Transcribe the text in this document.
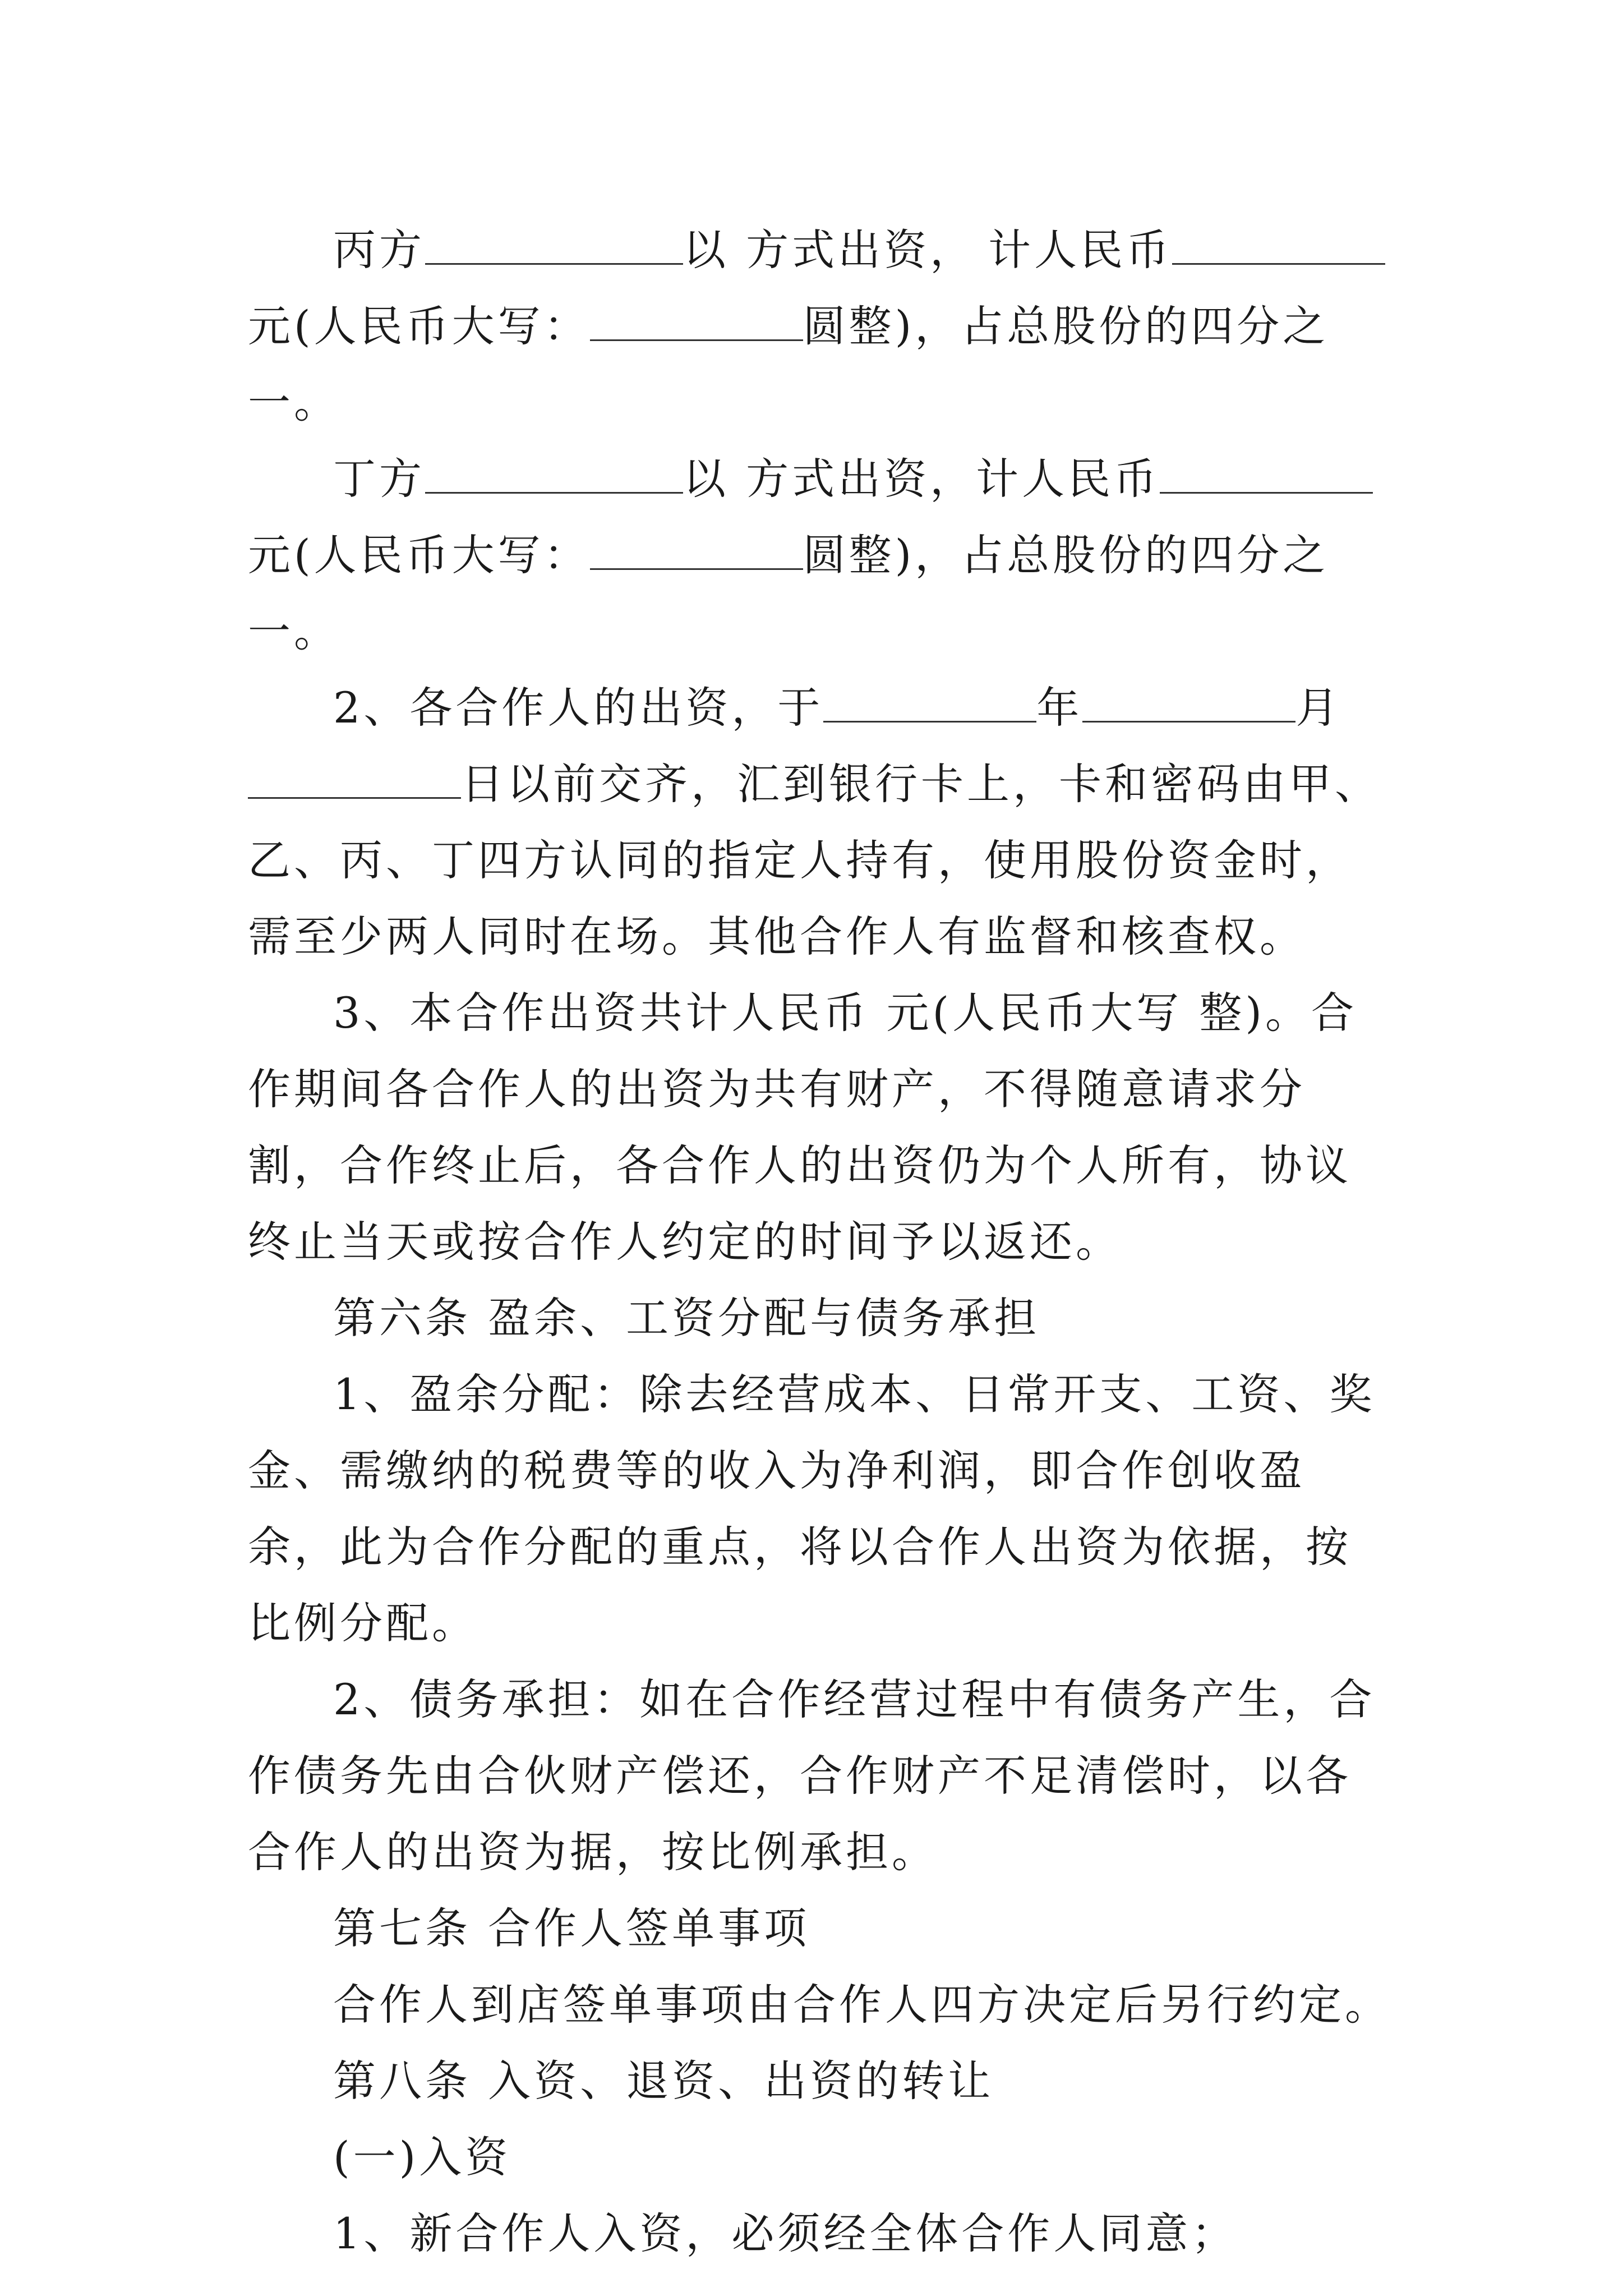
丙方	以 方式出资， 计人民币
元(人民币大写：	圆整)，占总股份的四分之一。

丁方	以 方式出资，计人民币
元(人民币大写：	圆整)，占总股份的四分之一。

2、各合作人的出资，于	年	月
日以前交齐，汇到银行卡上，卡和密码由甲、乙、丙、丁四方认同的指定人持有，使用股份资金时，需至少两人同时在场。其他合作人有监督和核查权。

3、本合作出资共计人民币 元(人民币大写 整)。合作期间各合作人的出资为共有财产，不得随意请求分割，合作终止后，各合作人的出资仍为个人所有，协议终止当天或按合作人约定的时间予以返还。

第六条 盈余、工资分配与债务承担

1、盈余分配：除去经营成本、日常开支、工资、奖金、需缴纳的税费等的收入为净利润，即合作创收盈余，此为合作分配的重点，将以合作人出资为依据，按比例分配。

2、债务承担：如在合作经营过程中有债务产生，合作债务先由合伙财产偿还，合作财产不足清偿时，以各合作人的出资为据，按比例承担。

第七条 合作人签单事项

合作人到店签单事项由合作人四方决定后另行约定。

第八条 入资、退资、出资的转让

(一)入资

1、新合作人入资，必须经全体合作人同意；
